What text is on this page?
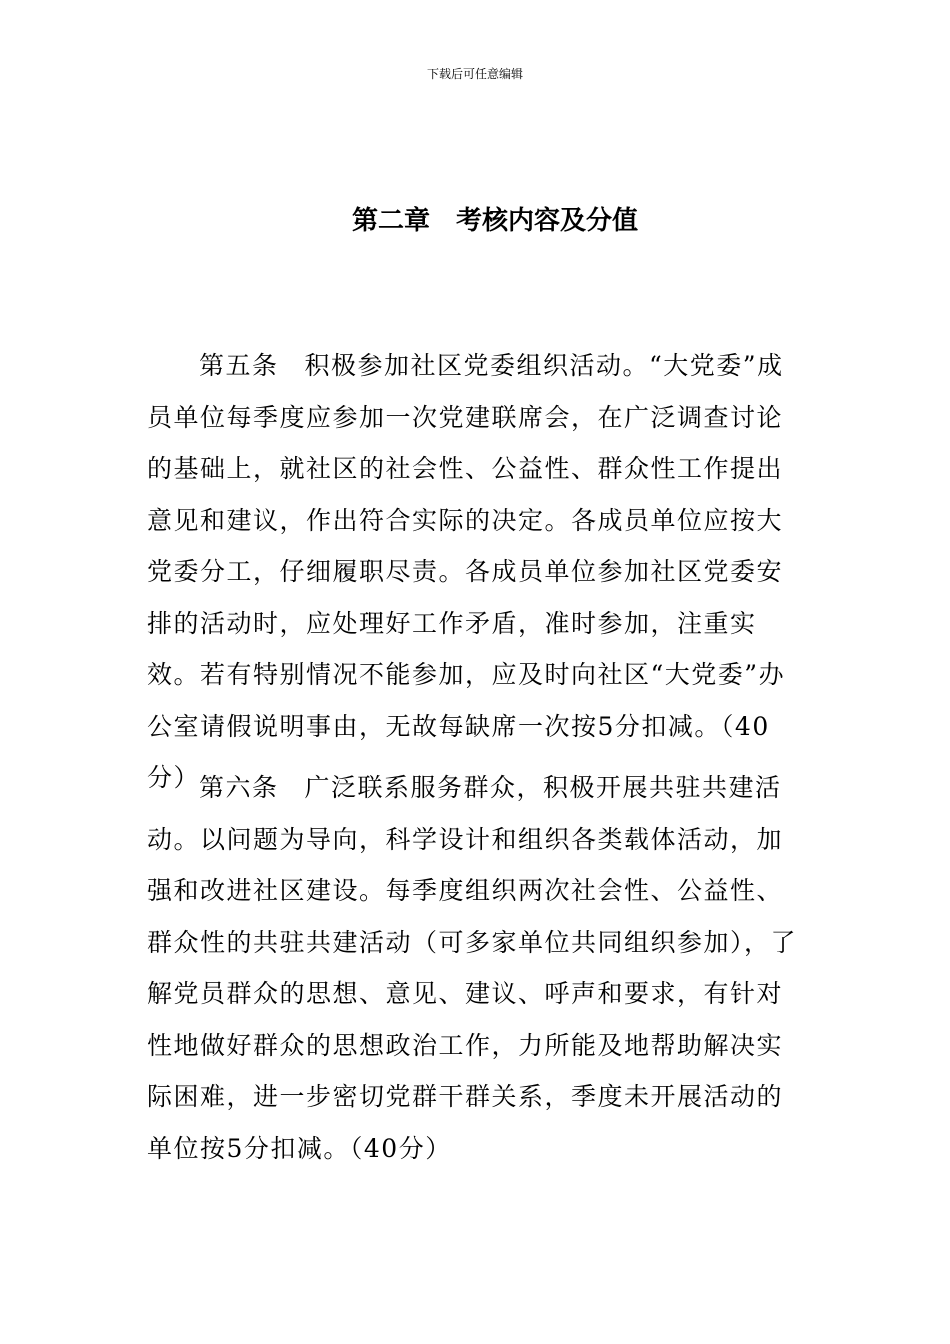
下载后可任意编辑
第二章　考核内容及分值

第五条 积极参加社区党委组织活动。“大党委”成员单位每季度应参加一次党建联席会，在广泛调查讨论的基础上，就社区的社会性、公益性、群众性工作提出意见和建议，作出符合实际的决定。各成员单位应按大党委分工，仔细履职尽责。各成员单位参加社区党委安排的活动时，应处理好工作矛盾，准时参加，注重实效。若有特别情况不能参加，应及时向社区“大党委”办公室请假说明事由，无故每缺席一次按5分扣减。（40分）

第六条 广泛联系服务群众，积极开展共驻共建活动。以问题为导向，科学设计和组织各类载体活动，加强和改进社区建设。每季度组织两次社会性、公益性、群众性的共驻共建活动（可多家单位共同组织参加），了解党员群众的思想、意见、建议、呼声和要求，有针对性地做好群众的思想政治工作，力所能及地帮助解决实际困难，进一步密切党群干群关系，季度未开展活动的单位按5分扣减。（40分）
